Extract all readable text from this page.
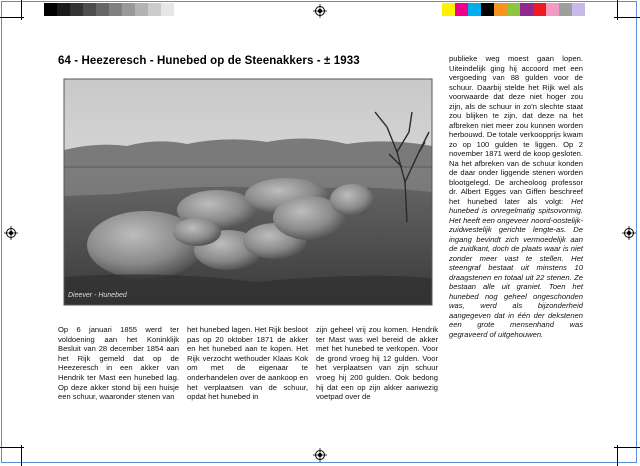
64 - Heezeresch - Hunebed op de Steenakkers - ± 1933
Dieever - Hunebed

Op 6 januari 1855 werd ter voldoening aan het Koninklijk Besluit van 28 december 1854 aan het Rijk gemeld dat op de Heezeresch in een akker van Hendrik ter Mast een hunebed lag. Op deze akker stond bij een huisje een schuur, waaronder stenen van

het hunebed lagen. Het Rijk besloot pas op 20 oktober 1871 de akker en het hunebed aan te kopen. Het Rijk verzocht wethouder Klaas Kok om met de eigenaar te onderhandelen over de aankoop en het verplaatsen van de schuur, opdat het hunebed in

zijn geheel vrij zou komen. Hendrik ter Mast was wel bereid de akker met het hunebed te verkopen. Voor de grond vroeg hij 12 gulden. Voor het verplaatsen van zijn schuur vroeg hij 200 gulden. Ook bedong hij dat een op zijn akker aanwezig voetpad over de

publieke weg moest gaan lopen. Uiteindelijk ging hij accoord met een vergoeding van 88 gulden voor de schuur. Daarbij stelde het Rijk wel als voorwaarde dat deze niet hoger zou zijn, als de schuur in zo'n slechte staat zou blijken te zijn, dat deze na het afbreken niet meer zou kunnen worden herbouwd. De totale verkoopprijs kwam zo op 100 gulden te liggen. Op 2 november 1871 werd de koop gesloten. Na het afbreken van de schuur konden de daar onder liggende stenen worden blootgelegd. De archeoloog professor dr. Albert Egges van Giffen beschreef het hunebed later als volgt: Het hunebed is onregelmatig spitsovormig. Het heeft een ongeveer noord-oostelijk-zuidwestelijk gerichte lengte-as. De ingang bevindt zich vermoedelijk aan de zuidkant, doch de plaats waar is niet zonder meer vast te stellen. Het steengraf bestaat uit minstens 10 draagstenen en totaal uit 22 stenen. Ze bestaan alle uit graniet. Toen het hunebed nog geheel ongeschonden was, werd als bijzonderheid aangegeven dat in één der dekstenen een grote mensenhand was gegraveerd of uitgehouwen.
